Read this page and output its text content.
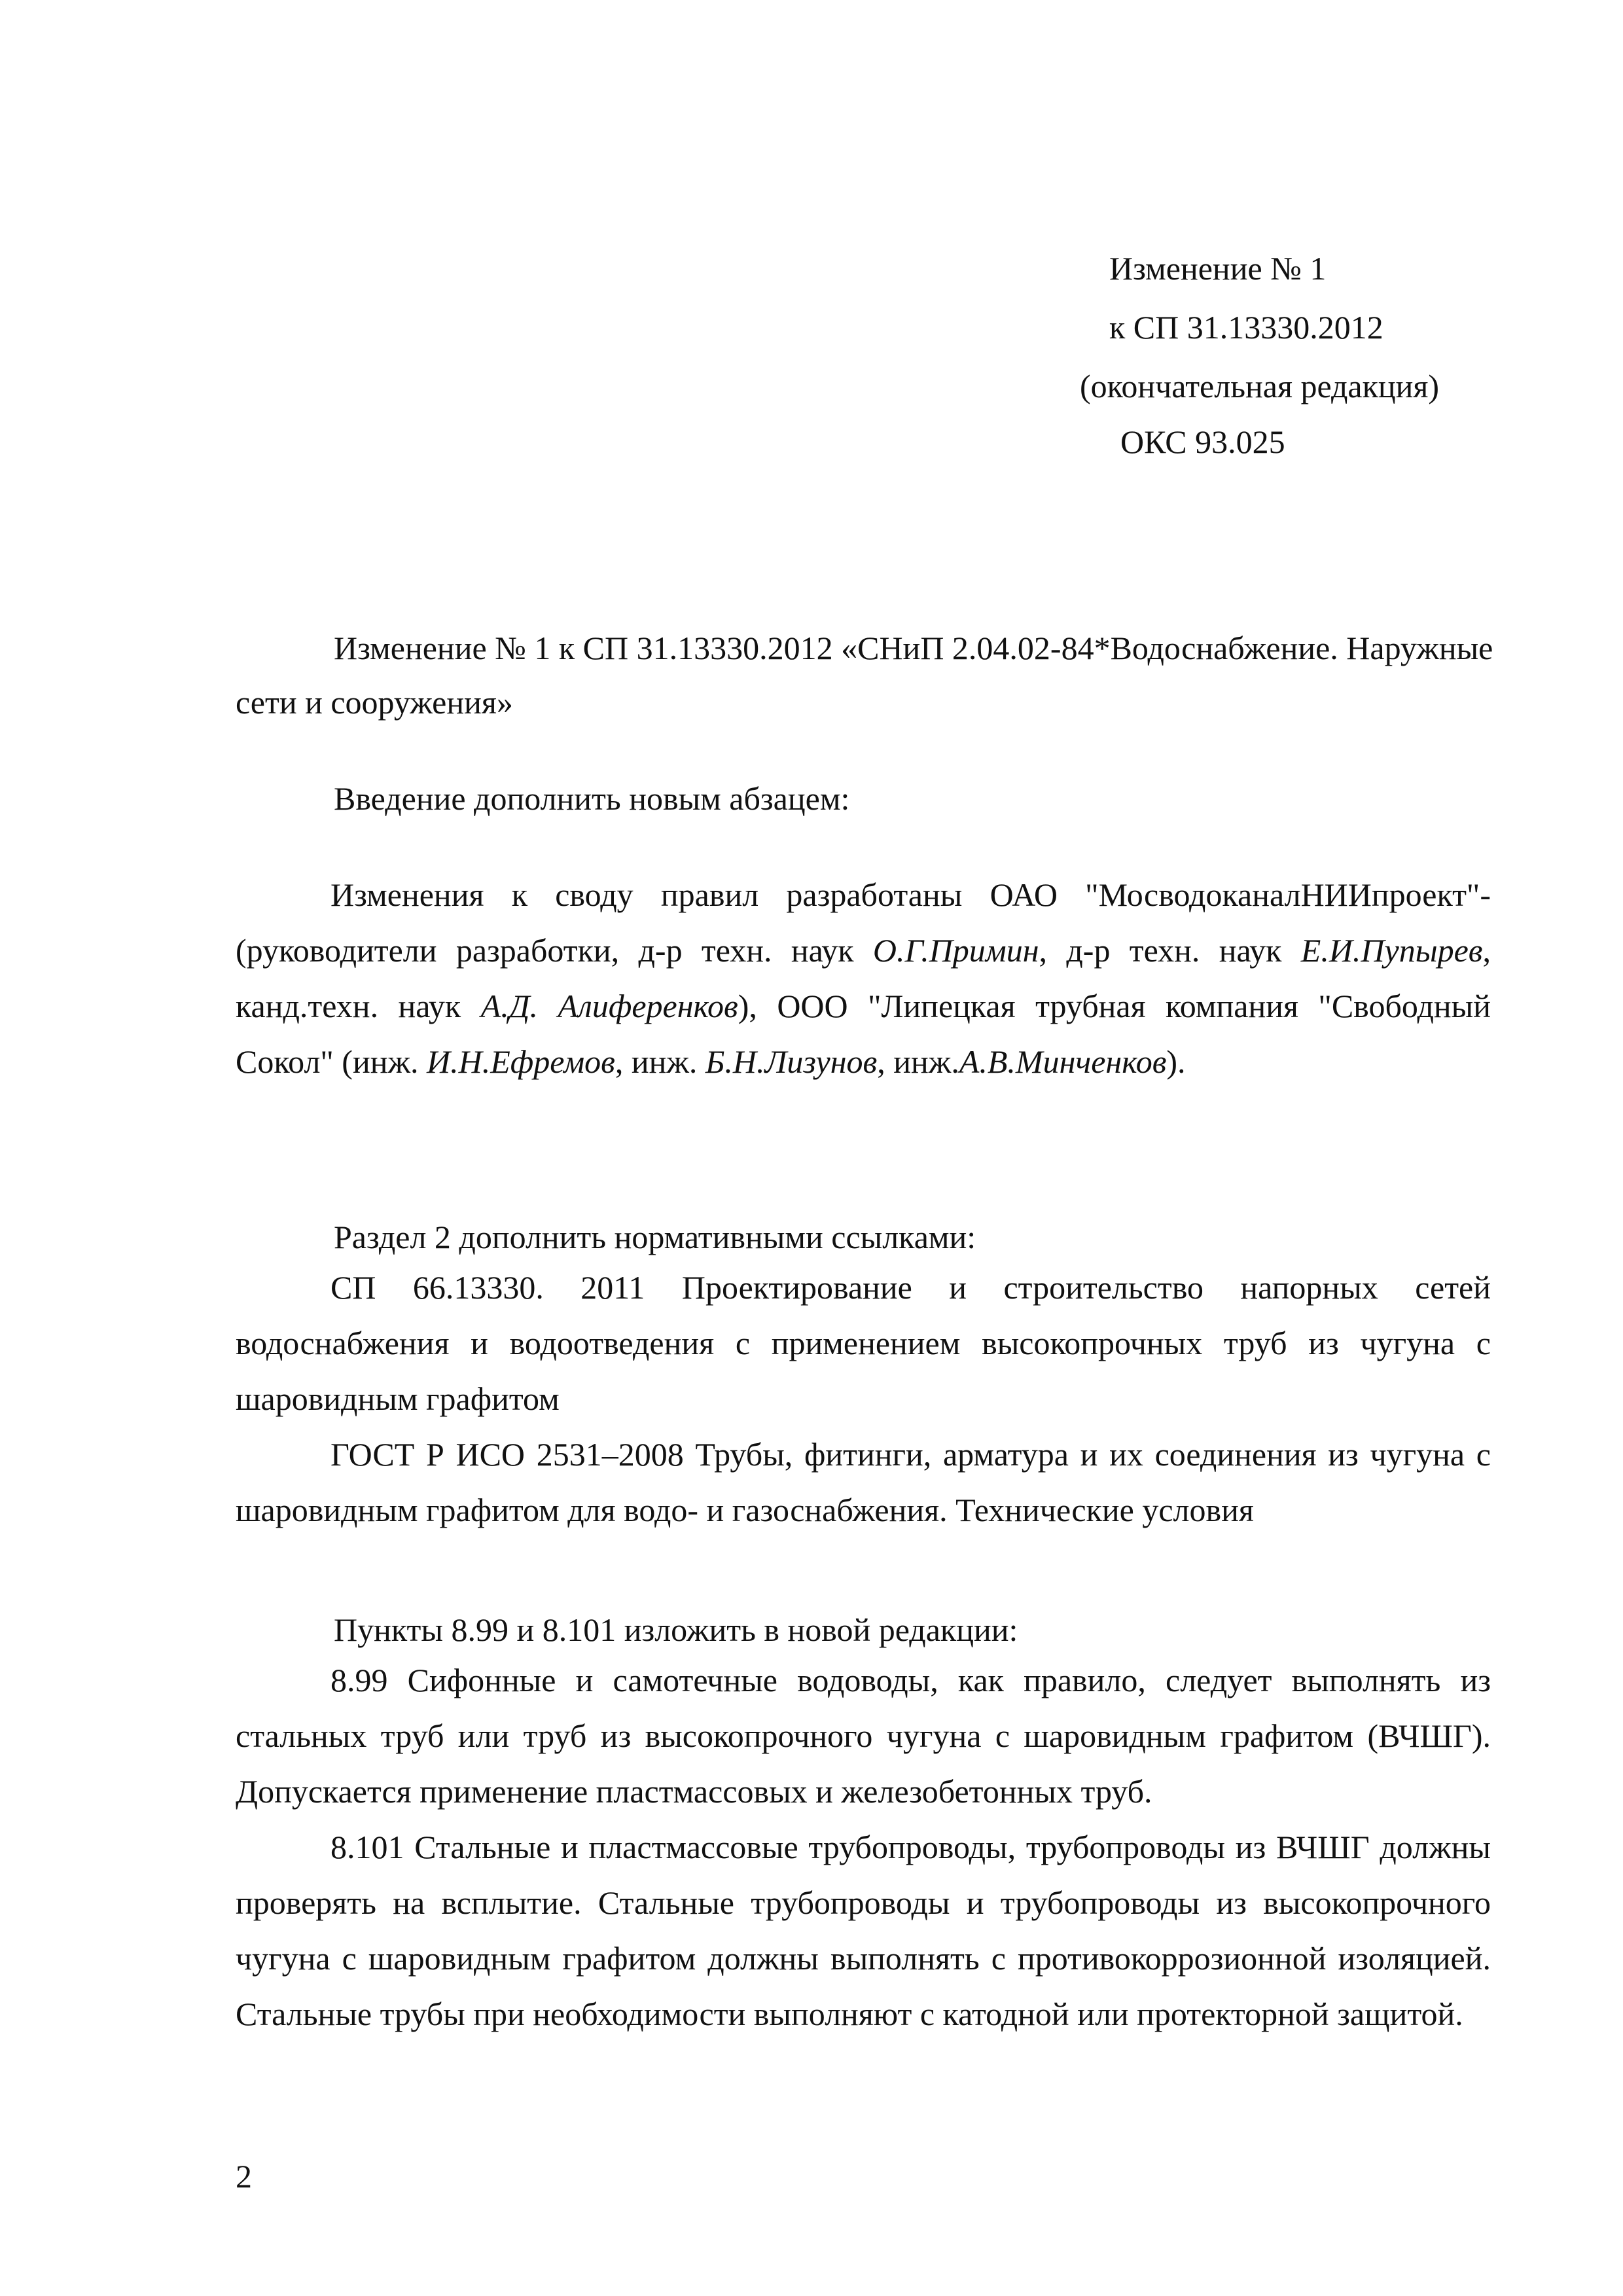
Изменение № 1
к СП 31.13330.2012
(окончательная редакция)
ОКС 93.025
Изменение № 1 к СП 31.13330.2012 «СНиП 2.04.02-84*Водоснабжение. Наружные
сети и сооружения»
Введение дополнить новым абзацем:

Изменения к своду правил разработаны ОАО "МосводоканалНИИпроект"- (руководители разработки, д-р техн. наук О.Г.Примин, д-р техн. наук Е.И.Пупырев, канд.техн. наук А.Д. Алиференков), ООО "Липецкая трубная компания "Свободный Сокол" (инж. И.Н.Ефремов, инж. Б.Н.Лизунов, инж.А.В.Минченков).

Раздел 2 дополнить нормативными ссылками:

СП 66.13330. 2011 Проектирование и строительство напорных сетей водоснабжения и водоотведения с применением высокопрочных труб из чугуна с шаровидным графитом

ГОСТ Р ИСО 2531–2008 Трубы, фитинги, арматура и их соединения из чугуна с шаровидным графитом для водо- и газоснабжения. Технические условия

Пункты 8.99 и 8.101 изложить в новой редакции:

8.99 Сифонные и самотечные водоводы, как правило, следует выполнять из стальных труб или труб из высокопрочного чугуна с шаровидным графитом (ВЧШГ). Допускается применение пластмассовых и железобетонных труб.

8.101 Стальные и пластмассовые трубопроводы, трубопроводы из ВЧШГ должны проверять на всплытие. Стальные трубопроводы и трубопроводы из высокопрочного чугуна с шаровидным графитом должны выполнять с противокоррозионной изоляцией. Стальные трубы при необходимости выполняют с катодной или протекторной защитой.

2
